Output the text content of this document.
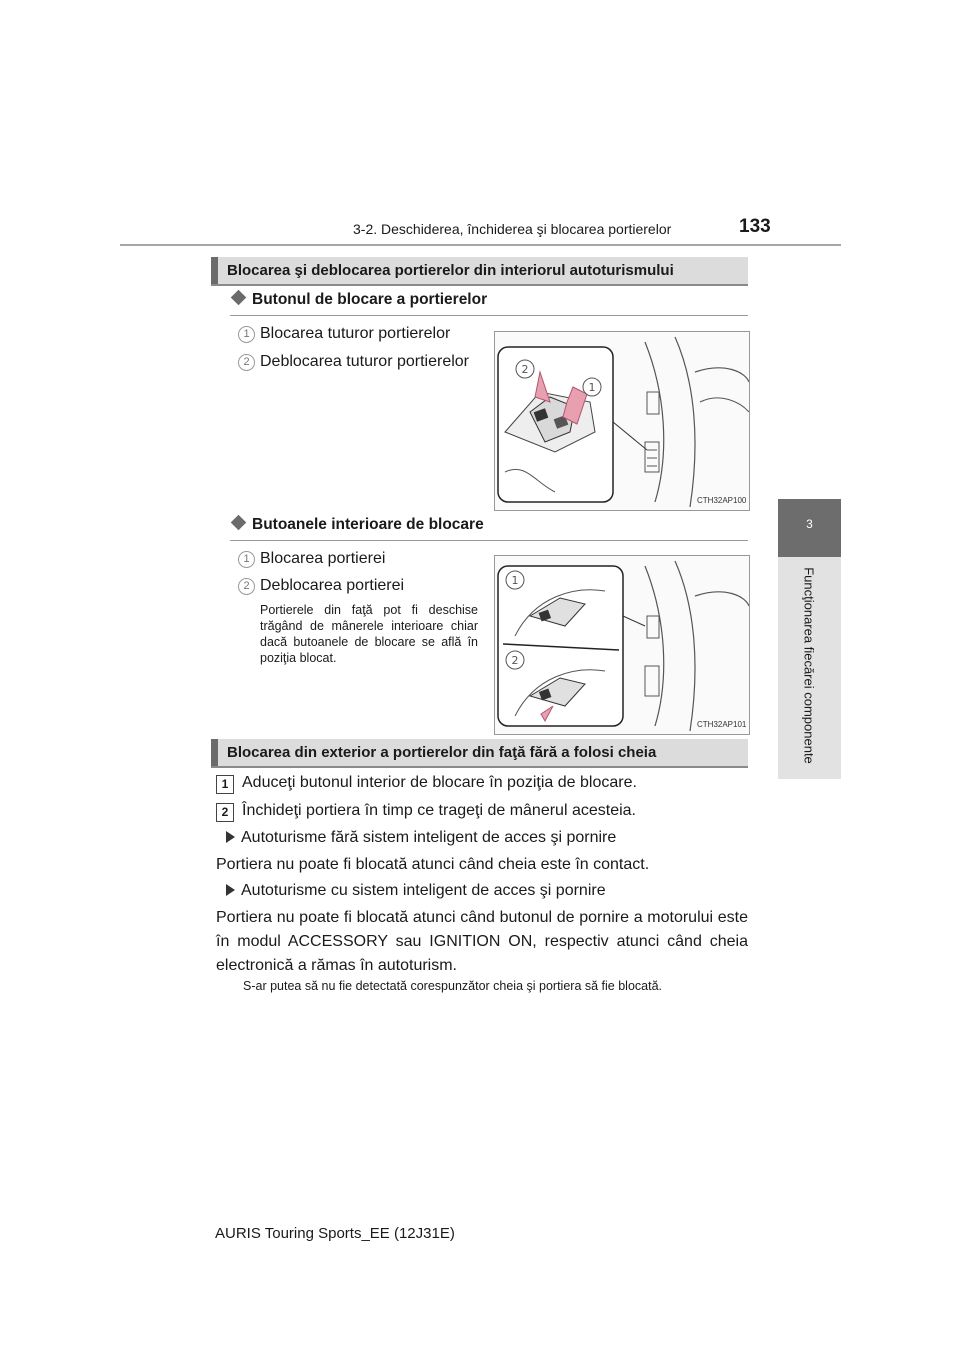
3-2. Deschiderea, închiderea şi blocarea portierelor	133
3
Funcţionarea fiecărei componente
Blocarea şi deblocarea portierelor din interiorul autoturismului
Butonul de blocare a portierelor
1 Blocarea tuturor portierelor
2 Deblocarea tuturor portierelor	2
1
CTH32AP100
Butoanele interioare de blocare
1 Blocarea portierei
2 Deblocarea portierei
Portierele din faţă pot fi deschise trăgând de mânerele interioare chiar dacă butoanele de blocare se află în poziţia blocat.
1
2
CTH32AP101
Blocarea din exterior a portierelor din faţă fără a folosi cheia
1 Aduceţi butonul interior de blocare în poziţia de blocare.
2 Închideţi portiera în timp ce trageţi de mânerul acesteia.
Autoturisme fără sistem inteligent de acces şi pornire
Portiera nu poate fi blocată atunci când cheia este în contact.
Autoturisme cu sistem inteligent de acces şi pornire
Portiera nu poate fi blocată atunci când butonul de pornire a motorului este în modul ACCESSORY sau IGNITION ON, respectiv atunci când cheia electronică a rămas în autoturism.
S-ar putea să nu fie detectată corespunzător cheia şi portiera să fie blocată.
AURIS Touring Sports_EE (12J31E)
